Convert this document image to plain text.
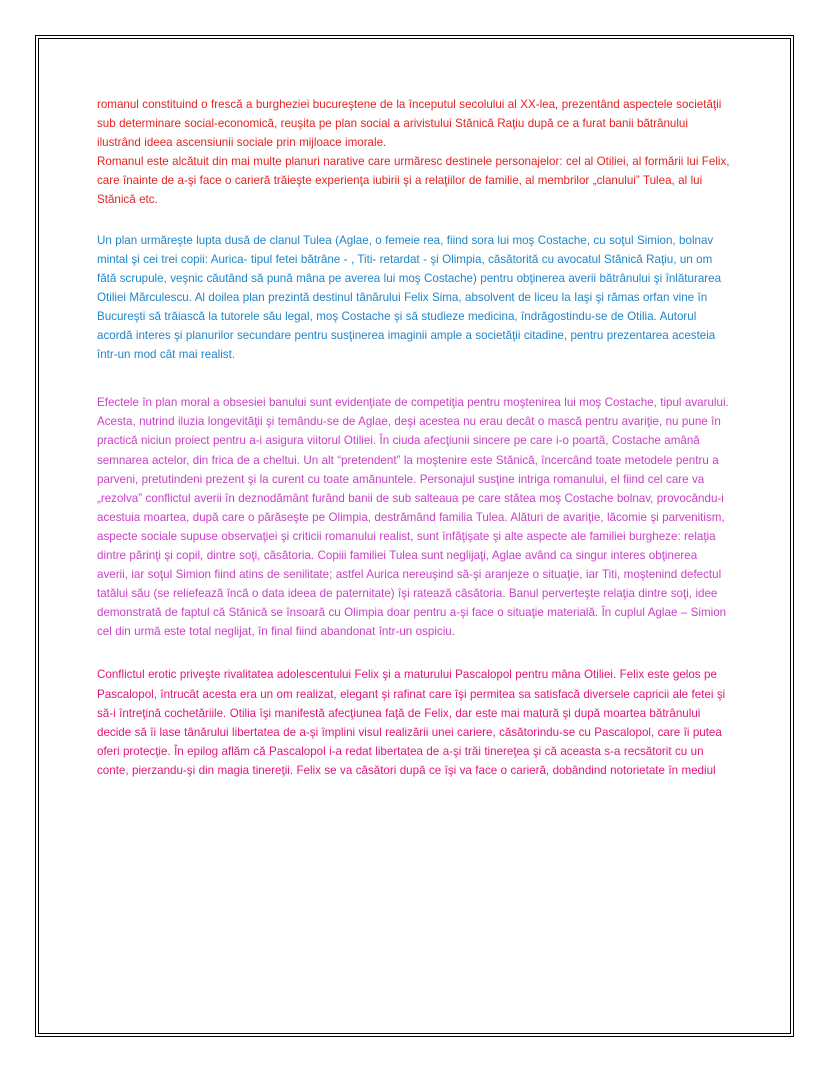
romanul constituind o frescă a burgheziei bucureştene de la începutul secolului al XX-lea, prezentând aspectele societăţii sub determinare social-economică, reuşita pe plan social a arivistului Stănică Raţiu după ce a furat banii bătrânului ilustrând ideea ascensiunii sociale prin mijloace imorale.

Romanul este alcătuit din mai multe planuri narative care urmăresc destinele personajelor: cel al Otiliei, al formării lui Felix, care înainte de a-şi face o carieră trăieşte experienţa iubirii şi a relaţiilor de familie, al membrilor „clanului” Tulea, al lui Stănică etc.

Un plan urmăreşte lupta dusă de clanul Tulea (Aglae, o femeie rea, fiind sora lui moş Costache, cu soţul Simion, bolnav mintal şi cei trei copii: Aurica- tipul fetei bătrâne - , Titi- retardat - şi Olimpia, căsătorită cu avocatul Stănică Raţiu, un om fătă scrupule, veşnic căutând să pună mâna pe averea lui moş Costache) pentru obţinerea averii bătrânului şi înlăturarea Otiliei Mărculescu. Al doilea plan prezintă destinul tânărului Felix Sima, absolvent de liceu la Iaşi şi rămas orfan vine în Bucureşti să trăiască la tutorele său legal, moş Costache şi să studieze medicina, îndrăgostindu-se de Otilia. Autorul acordă interes şi planurilor secundare pentru susţinerea imaginii ample a societăţii citadine, pentru prezentarea acesteia într-un mod cât mai realist.

Efectele în plan moral a obsesiei banului sunt evidenţiate de competiţia pentru moştenirea lui moş Costache, tipul avarului. Acesta, nutrind iluzia longevităţii şi temându-se de Aglae, deşi acestea nu erau decât o mască pentru avariţie, nu pune în practică niciun proiect pentru a-i asigura viitorul Otiliei. În ciuda afecţiunii sincere pe care i-o poartă, Costache amână semnarea actelor, din frica de a cheltui. Un alt “pretendent” la moştenire este Stănică, încercând toate metodele pentru a parveni, pretutindeni prezent şi la curent cu toate amănuntele. Personajul susţine intriga romanului, el fiind cel care va „rezolva” conflictul averii în deznodământ furând banii de sub salteaua pe care stătea moş Costache bolnav, provocându-i acestuia moartea, după care o părăseşte pe Olimpia, destrămând familia Tulea. Alături de avariţie, lăcomie şi parvenitism, aspecte sociale supuse observaţiei şi criticii romanului realist, sunt înfăţişate şi alte aspecte ale familiei burgheze: relaţia dintre părinţi şi copil, dintre soţi, căsătoria. Copiii familiei Tulea sunt neglijaţi, Aglae având ca singur interes obţinerea averii, iar soţul Simion fiind atins de senilitate; astfel Aurica nereuşind să-şi aranjeze o situaţie, iar Titi, moştenind defectul tatălui său (se reliefează încă o data ideea de paternitate) îşi ratează căsătoria. Banul perverteşte relaţia dintre soţi, idee demonstrată de faptul că Stănică se însoară cu Olimpia doar pentru a-şi face o situaţie materială. În cuplul Aglae – Simion cel din urmă este total neglijat, în final fiind abandonat într-un ospiciu.

Conflictul erotic priveşte rivalitatea adolescentului Felix şi a maturului Pascalopol pentru mâna Otiliei. Felix este gelos pe Pascalopol, întrucât acesta era un om realizat, elegant şi rafinat care îşi permitea sa satisfacă diversele capricii ale fetei şi să-i întreţină cochetăriile. Otilia îşi manifestă afecţiunea faţă de Felix, dar este mai matură şi după moartea bătrânului decide să îi lase tânărului libertatea de a-şi împlini visul realizării unei cariere, căsătorindu-se cu Pascalopol, care îi putea oferi protecţie. În epilog aflăm că Pascalopol i-a redat libertatea de a-şi trăi tinereţea şi că aceasta s-a recsătorit cu un conte, pierzandu-şi din magia tinereţii. Felix se va căsători după ce îşi va face o carieră, dobândind notorietate în mediul
